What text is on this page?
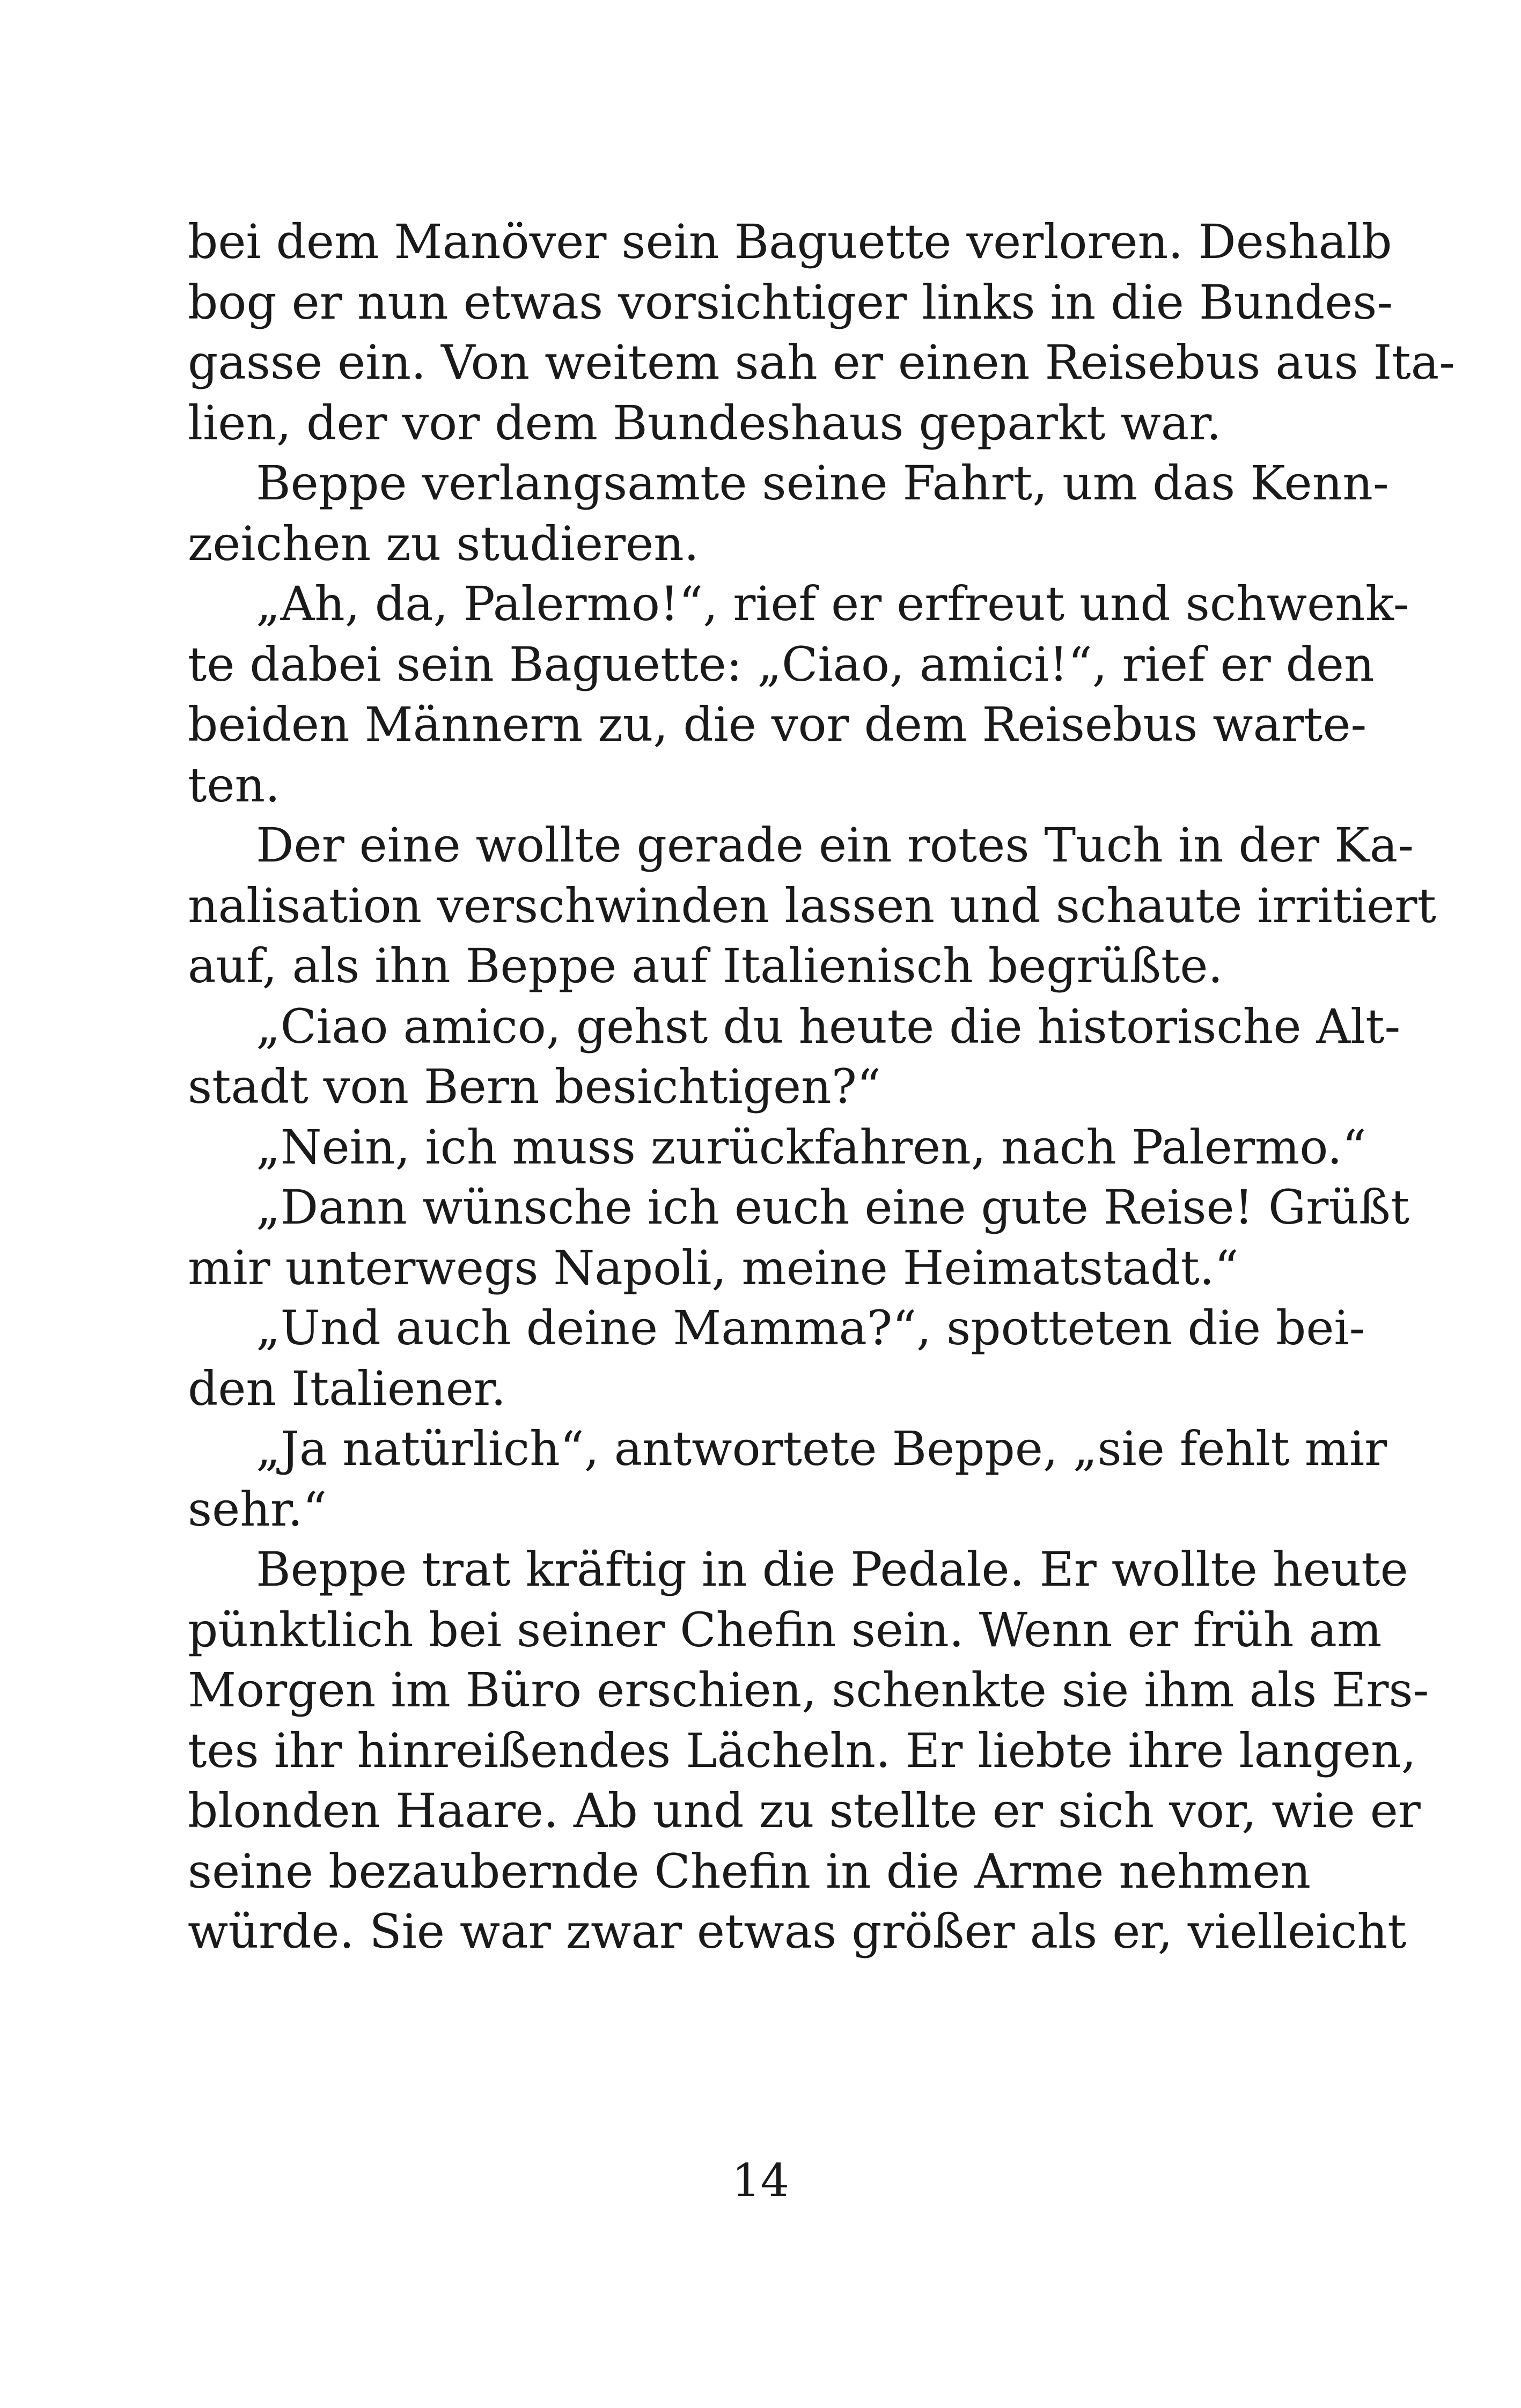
bei dem Manöver sein Baguette verloren. Deshalb
bog er nun etwas vorsichtiger links in die Bundes-
gasse ein. Von weitem sah er einen Reisebus aus Ita-
lien, der vor dem Bundeshaus geparkt war.
Beppe verlangsamte seine Fahrt, um das Kenn-
zeichen zu studieren.
„Ah, da, Palermo!“, rief er erfreut und schwenk-
te dabei sein Baguette: „Ciao, amici!“, rief er den
beiden Männern zu, die vor dem Reisebus warte-
ten.
Der eine wollte gerade ein rotes Tuch in der Ka-
nalisation verschwinden lassen und schaute irritiert
auf, als ihn Beppe auf Italienisch begrüßte.
„Ciao amico, gehst du heute die historische Alt-
stadt von Bern besichtigen?“
„Nein, ich muss zurückfahren, nach Palermo.“
„Dann wünsche ich euch eine gute Reise! Grüßt
mir unterwegs Napoli, meine Heimatstadt.“
„Und auch deine Mamma?“, spotteten die bei-
den Italiener.
„Ja natürlich“, antwortete Beppe, „sie fehlt mir
sehr.“
Beppe trat kräftig in die Pedale. Er wollte heute
pünktlich bei seiner Chefin sein. Wenn er früh am
Morgen im Büro erschien, schenkte sie ihm als Ers-
tes ihr hinreißendes Lächeln. Er liebte ihre langen,
blonden Haare. Ab und zu stellte er sich vor, wie er
seine bezaubernde Chefin in die Arme nehmen
würde. Sie war zwar etwas größer als er, vielleicht
14
